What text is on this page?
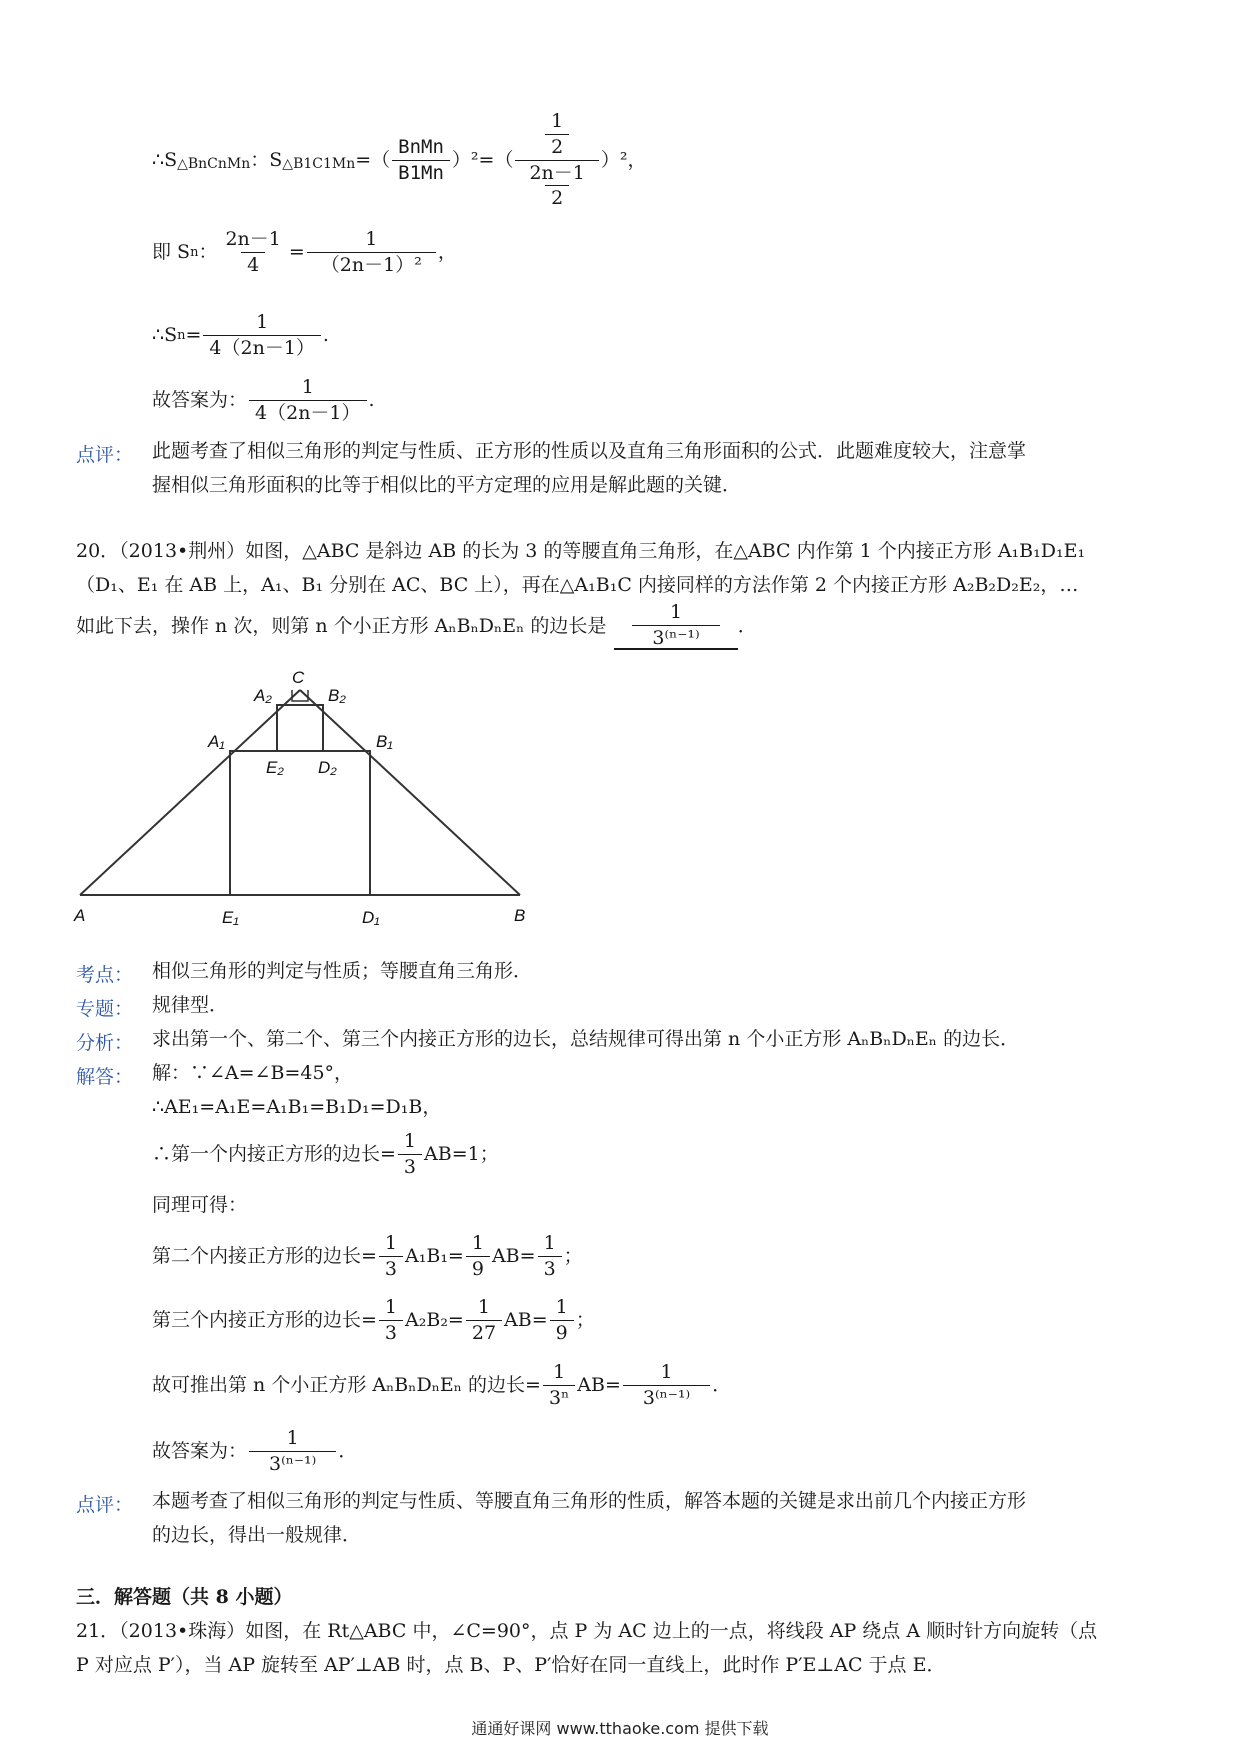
∴S △BnCnMn ：S △B1C1Mn =（ $\frac{\text{BnMn}}{B1Mn} )^2=( \frac{\frac{1}{2}}{\frac{2n-1}{2}} )^2$，
即 S n ： $\frac{2n-1}{4} = \frac{1}{\text{（2n－1）²}}$ ，
∴S $n = \frac{1}{4(2n-1)}$ .
故答案为： $\frac{1}{4(2n-1)}$ .
点评： 此题考查了相似三角形的判定与性质、正方形的性质以及直角三角形面积的公式．此题难度较大，注意掌
握相似三角形面积的比等于相似比的平方定理的应用是解此题的关键．
20．（2013•荆州）如图，△ABC 是斜边 AB 的长为 3 的等腰直角三角形，在△ABC 内作第 1 个内接正方形 A₁B₁D₁E₁
（D₁、E₁ 在 AB 上，A₁、B₁ 分别在 AC、BC 上），再在△A₁B₁C 内接同样的方法作第 2 个内接正方形 A₂B₂D₂E₂，…
如此下去，操作 n 次，则第 n 个小正方形 AₙBₙDₙEₙ 的边长是 $\frac{1}{\text{3⁽ⁿ⁻¹⁾}}$ ．
A	B
C
A₁	B₁
E₁	D₁
A₂	B₂
E₂ D₂
考点： 相似三角形的判定与性质；等腰直角三角形．
专题： 规律型．
分析： 求出第一个、第二个、第三个内接正方形的边长，总结规律可得出第 n 个小正方形 AₙBₙDₙEₙ 的边长．
解答： 解：∵∠A=∠B=45°，
∴AE₁=A₁E=A₁B₁=B₁D₁=D₁B，
∴第一个内接正方形的边长= $\frac{1}{3} AB=1$；
同理可得：
第二个内接正方形的边长= $\frac{1}{3} A_1B_1= \frac{1}{9} AB= \frac{1}{3}$ ；
第三个内接正方形的边长= $\frac{1}{3} A_2B_2= \frac{1}{27} AB= \frac{1}{9}$ ；
故可推出第 n 个小正方形 AₙBₙDₙEₙ 的边长= $\frac{1}{\text{3ⁿ}} AB= \frac{1}{\text{3⁽ⁿ⁻¹⁾}}$ ．
故答案为： $\frac{1}{\text{3⁽ⁿ⁻¹⁾}}$ ．
点评： 本题考查了相似三角形的判定与性质、等腰直角三角形的性质，解答本题的关键是求出前几个内接正方形
的边长，得出一般规律．
三．解答题（共 8 小题）
21．（2013•珠海）如图，在 Rt△ABC 中，∠C=90°，点 P 为 AC 边上的一点，将线段 AP 绕点 A 顺时针方向旋转（点
P 对应点 P′），当 AP 旋转至 AP′⊥AB 时，点 B、P、P′恰好在同一直线上，此时作 P′E⊥AC 于点 E．
通通好课网 www.tthaoke.com 提供下载
